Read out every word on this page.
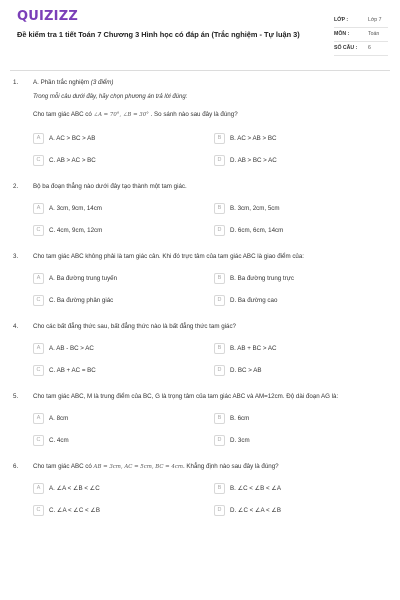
QUIZIZZ
Đề kiểm tra 1 tiết Toán 7 Chương 3 Hình học có đáp án (Trắc nghiệm - Tự luận 3)
LỚP :	Lớp 7
MÔN :	Toán
SỐ CÂU : 6
1. A. Phần trắc nghiệm (3 điểm)
Trong mỗi câu dưới đây, hãy chọn phương án trả lời đúng:
Cho tam giác ABC có ∠A = 70°, ∠B = 30° . So sánh nào sau đây là đúng?
A	A. AC > BC > AB	B	B. AC > AB > BC
C	C. AB > AC > BC	D	D. AB > BC > AC
2. Bộ ba đoạn thẳng nào dưới đây tạo thành một tam giác.
A	A. 3cm, 9cm, 14cm	B	B. 3cm, 2cm, 5cm
C	C. 4cm, 9cm, 12cm	D	D. 6cm, 6cm, 14cm
3. Cho tam giác ABC không phải là tam giác cân. Khi đó trực tâm của tam giác ABC là giao điểm của:
A	A. Ba đường trung tuyến	B	B. Ba đường trung trực
C	C. Ba đường phân giác	D	D. Ba đường cao
4. Cho các bất đẳng thức sau, bất đẳng thức nào là bất đẳng thức tam giác?
A	A. AB - BC > AC	B	B. AB + BC > AC
C	C. AB + AC = BC	D	D. BC > AB
5. Cho tam giác ABC, M là trung điểm của BC, G là trọng tâm của tam giác ABC và AM=12cm. Độ dài đoạn AG là:
A	A. 8cm	B	B. 6cm
C	C. 4cm	D	D. 3cm
6. Cho tam giác ABC có AB = 3cm, AC = 5cm, BC = 4cm. Khẳng định nào sau đây là đúng?
A	A. ∠A < ∠B < ∠C	B	B. ∠C < ∠B < ∠A
C	C. ∠A < ∠C < ∠B	D	D. ∠C < ∠A < ∠B
